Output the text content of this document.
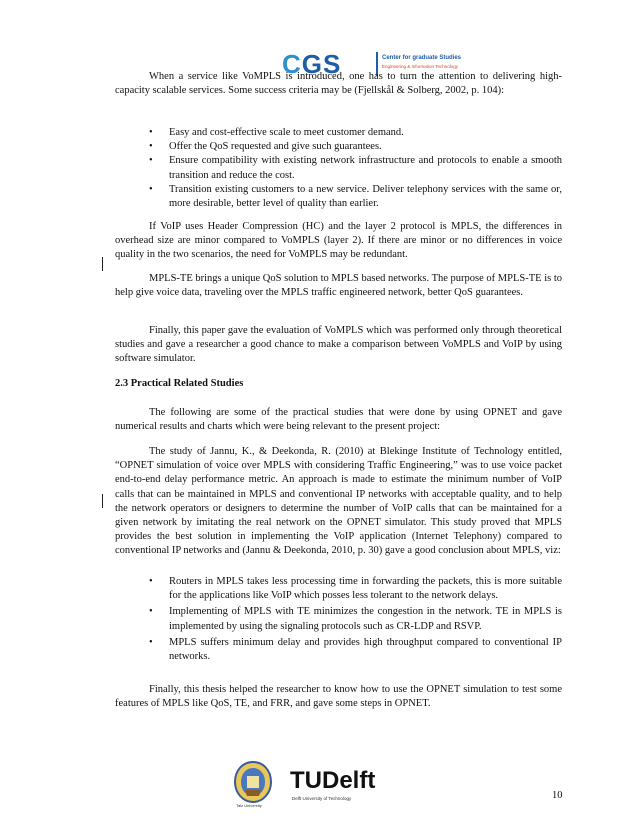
CGS	Center for graduate Studies
Engineering & Information Technology

When a service like VoMPLS is introduced, one has to turn the attention to delivering high-capacity scalable services. Some success criteria may be (Fjellskål & Solberg, 2002, p. 104):

• Easy and cost-effective scale to meet customer demand.
• Offer the QoS requested and give such guarantees.
• Ensure compatibility with existing network infrastructure and protocols to enable a smooth transition and reduce the cost.
• Transition existing customers to a new service. Deliver telephony services with the same or, more desirable, better level of quality than earlier.

If VoIP uses Header Compression (HC) and the layer 2 protocol is MPLS, the differences in overhead size are minor compared to VoMPLS (layer 2). If there are minor or no differences in voice quality in the two scenarios, the need for VoMPLS may be redundant.

MPLS-TE brings a unique QoS solution to MPLS based networks. The purpose of MPLS-TE is to help give voice data, traveling over the MPLS traffic engineered network, better QoS guarantees.

Finally, this paper gave the evaluation of VoMPLS which was performed only through theoretical studies and gave a researcher a good chance to make a comparison between VoMPLS and VoIP by using software simulator.

2.3 Practical Related Studies

The following are some of the practical studies that were done by using OPNET and gave numerical results and charts which were being relevant to the present project:

The study of Jannu, K., & Deekonda, R. (2010) at Blekinge Institute of Technology entitled, “OPNET simulation of voice over MPLS with considering Traffic Engineering,” was to use voice packet end-to-end delay performance metric. An approach is made to estimate the minimum number of VoIP calls that can be maintained in MPLS and conventional IP networks with acceptable quality, and to help the network operators or designers to determine the number of VoIP calls that can be maintained for a given network by imitating the real network on the OPNET simulator. This study proved that MPLS provides the best solution in implementing the VoIP application (Internet Telephony) compared to conventional IP networks and (Jannu & Deekonda, 2010, p. 30) gave a good conclusion about MPLS, viz:

• Routers in MPLS takes less processing time in forwarding the packets, this is more suitable for the applications like VoIP which posses less tolerant to the network delays.
• Implementing of MPLS with TE minimizes the congestion in the network. TE in MPLS is implemented by using the signaling protocols such as CR-LDP and RSVP.
• MPLS suffers minimum delay and provides high throughput compared to conventional IP networks.

Finally, this thesis helped the researcher to know how to use the OPNET simulation to test some features of MPLS like QoS, TE, and FRR, and gave some steps in OPNET.

Taiz University
TUDelft
Delft University of Technology	10
